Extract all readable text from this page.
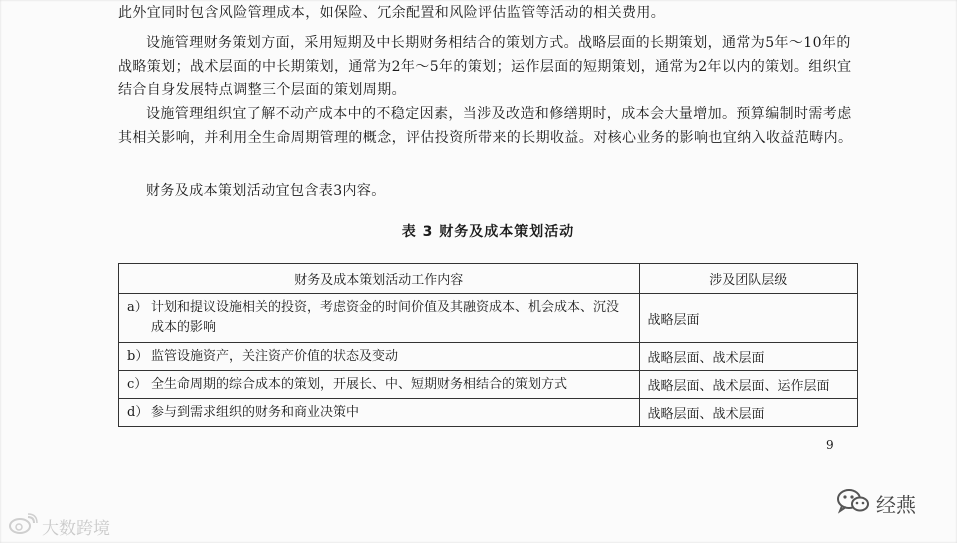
此外宜同时包含风险管理成本，如保险、冗余配置和风险评估监管等活动的相关费用。
设施管理财务策划方面，采用短期及中长期财务相结合的策划方式。战略层面的长期策划，通常为5年～10年的战略策划；战术层面的中长期策划，通常为2年～5年的策划；运作层面的短期策划，通常为2年以内的策划。组织宜结合自身发展特点调整三个层面的策划周期。
设施管理组织宜了解不动产成本中的不稳定因素，当涉及改造和修缮期时，成本会大量增加。预算编制时需考虑其相关影响，并利用全生命周期管理的概念，评估投资所带来的长期收益。对核心业务的影响也宜纳入收益范畴内。
财务及成本策划活动宜包含表3内容。
表 3 财务及成本策划活动
财务及成本策划活动工作内容	涉及团队层级
a） 计划和提议设施相关的投资，考虑资金的时间价值及其融资成本、机会成本、沉没成本的影响	战略层面
b） 监管设施资产，关注资产价值的状态及变动	战略层面、战术层面
c） 全生命周期的综合成本的策划，开展长、中、短期财务相结合的策划方式	战略层面、战术层面、运作层面
d） 参与到需求组织的财务和商业决策中	战略层面、战术层面
9
大数跨境
经燕
